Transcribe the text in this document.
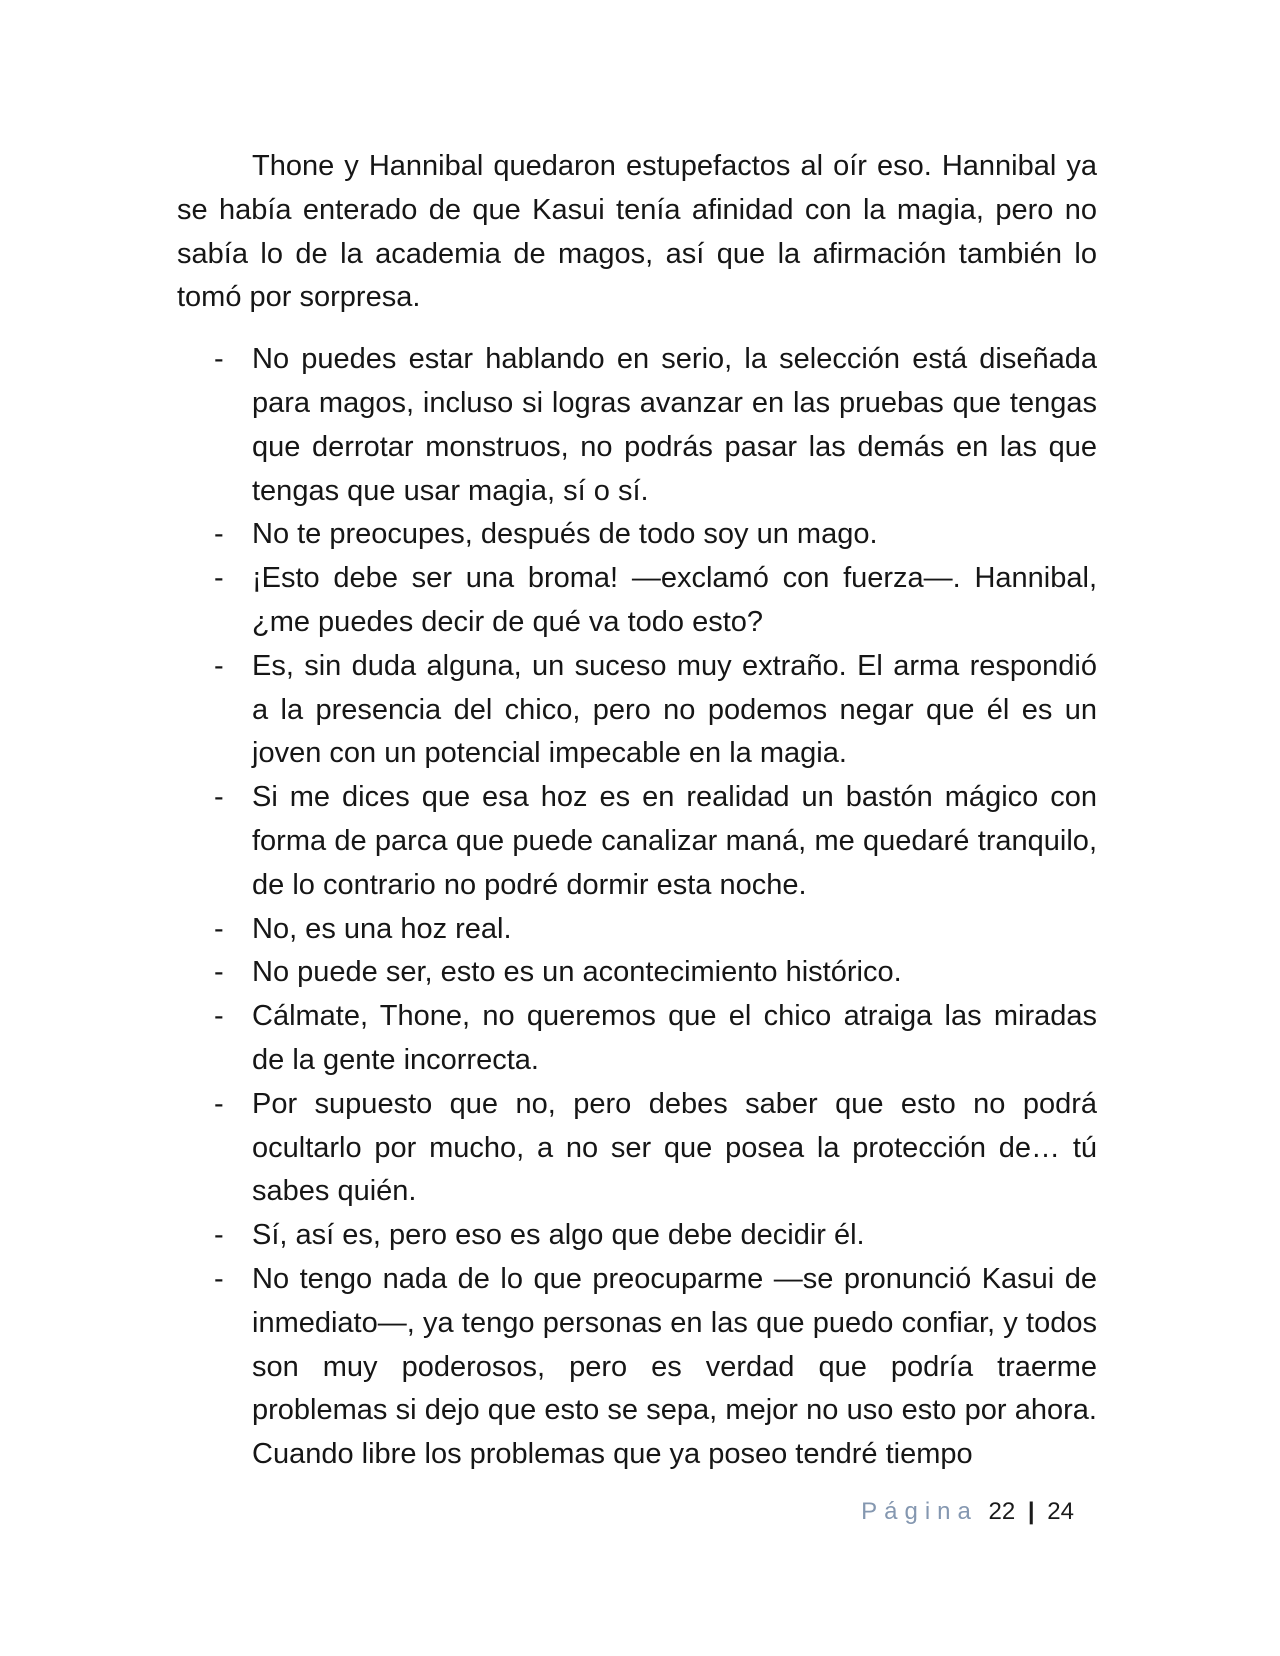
Thone y Hannibal quedaron estupefactos al oír eso. Hannibal ya se había enterado de que Kasui tenía afinidad con la magia, pero no sabía lo de la academia de magos, así que la afirmación también lo tomó por sorpresa.

- No puedes estar hablando en serio, la selección está diseñada para magos, incluso si logras avanzar en las pruebas que tengas que derrotar monstruos, no podrás pasar las demás en las que tengas que usar magia, sí o sí.
- No te preocupes, después de todo soy un mago.
- ¡Esto debe ser una broma! —exclamó con fuerza—. Hannibal, ¿me puedes decir de qué va todo esto?
- Es, sin duda alguna, un suceso muy extraño. El arma respondió a la presencia del chico, pero no podemos negar que él es un joven con un potencial impecable en la magia.
- Si me dices que esa hoz es en realidad un bastón mágico con forma de parca que puede canalizar maná, me quedaré tranquilo, de lo contrario no podré dormir esta noche.
- No, es una hoz real.
- No puede ser, esto es un acontecimiento histórico.
- Cálmate, Thone, no queremos que el chico atraiga las miradas de la gente incorrecta.
- Por supuesto que no, pero debes saber que esto no podrá ocultarlo por mucho, a no ser que posea la protección de… tú sabes quién.
- Sí, así es, pero eso es algo que debe decidir él.
- No tengo nada de lo que preocuparme —se pronunció Kasui de inmediato—, ya tengo personas en las que puedo confiar, y todos son muy poderosos, pero es verdad que podría traerme problemas si dejo que esto se sepa, mejor no uso esto por ahora. Cuando libre los problemas que ya poseo tendré tiempo
Página 22 | 24
